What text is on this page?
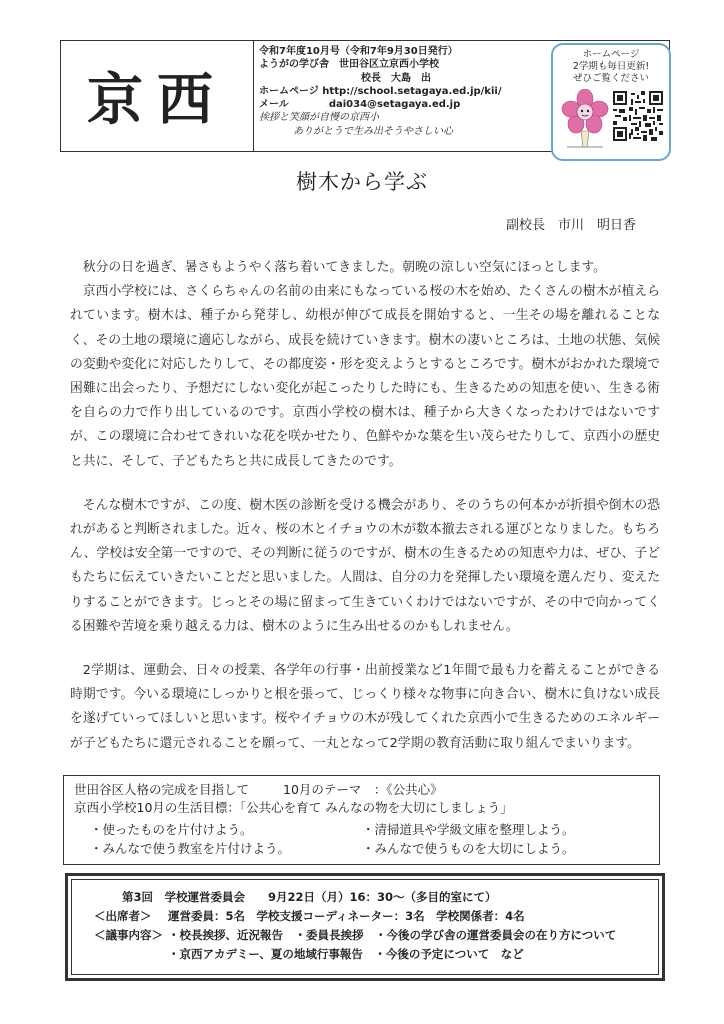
京西
令和7年度10月号（令和7年9月30日発行）
ようがの学び舎　世田谷区立京西小学校
校長　大島　出
ホームページ http://school.setagaya.ed.jp/kii/
メール	dai034@setagaya.ed.jp
挨拶と笑顔が自慢の京西小
ありがとうで生み出そうやさしい心
ホームページ
2学期も毎日更新!
ぜひご覧ください
樹木から学ぶ
副校長　市川　明日香

秋分の日を過ぎ、暑さもようやく落ち着いてきました。朝晩の涼しい空気にほっとします。

京西小学校には、さくらちゃんの名前の由来にもなっている桜の木を始め、たくさんの樹木が植えられています。樹木は、種子から発芽し、幼根が伸びて成長を開始すると、一生その場を離れることなく、その土地の環境に適応しながら、成長を続けていきます。樹木の凄いところは、土地の状態、気候の変動や変化に対応したりして、その都度姿・形を変えようとするところです。樹木がおかれた環境で困難に出会ったり、予想だにしない変化が起こったりした時にも、生きるための知恵を使い、生きる術を自らの力で作り出しているのです。京西小学校の樹木は、種子から大きくなったわけではないですが、この環境に合わせてきれいな花を咲かせたり、色鮮やかな葉を生い茂らせたりして、京西小の歴史と共に、そして、子どもたちと共に成長してきたのです。

そんな樹木ですが、この度、樹木医の診断を受ける機会があり、そのうちの何本かが折損や倒木の恐れがあると判断されました。近々、桜の木とイチョウの木が数本撤去される運びとなりました。もちろん、学校は安全第一ですので、その判断に従うのですが、樹木の生きるための知恵や力は、ぜひ、子どもたちに伝えていきたいことだと思いました。人間は、自分の力を発揮したい環境を選んだり、変えたりすることができます。じっとその場に留まって生きていくわけではないですが、その中で向かってくる困難や苦境を乗り越える力は、樹木のように生み出せるのかもしれません。

2学期は、運動会、日々の授業、各学年の行事・出前授業など1年間で最も力を蓄えることができる時期です。今いる環境にしっかりと根を張って、じっくり様々な物事に向き合い、樹木に負けない成長を遂げていってほしいと思います。桜やイチョウの木が残してくれた京西小で生きるためのエネルギーが子どもたちに還元されることを願って、一丸となって2学期の教育活動に取り組んでまいります。

世田谷区人格の完成を目指して	10月のテーマ　：《公共心》
京西小学校10月の生活目標：「公共心を育て みんなの物を大切にしましょう」
・使ったものを片付けよう。	・清掃道具や学級文庫を整理しよう。
・みんなで使う教室を片付けよう。	・みんなで使うものを大切にしよう。
第3回　学校運営委員会　　9月22日（月）16：30～（多目的室にて）
＜出席者＞ 運営委員：5名　学校支援コーディネーター：3名　学校関係者：4名
＜議事内容＞ ・校長挨拶、近況報告　・委員長挨拶　・今後の学び舎の運営委員会の在り方について
・京西アカデミー、夏の地域行事報告　・今後の予定について　など
